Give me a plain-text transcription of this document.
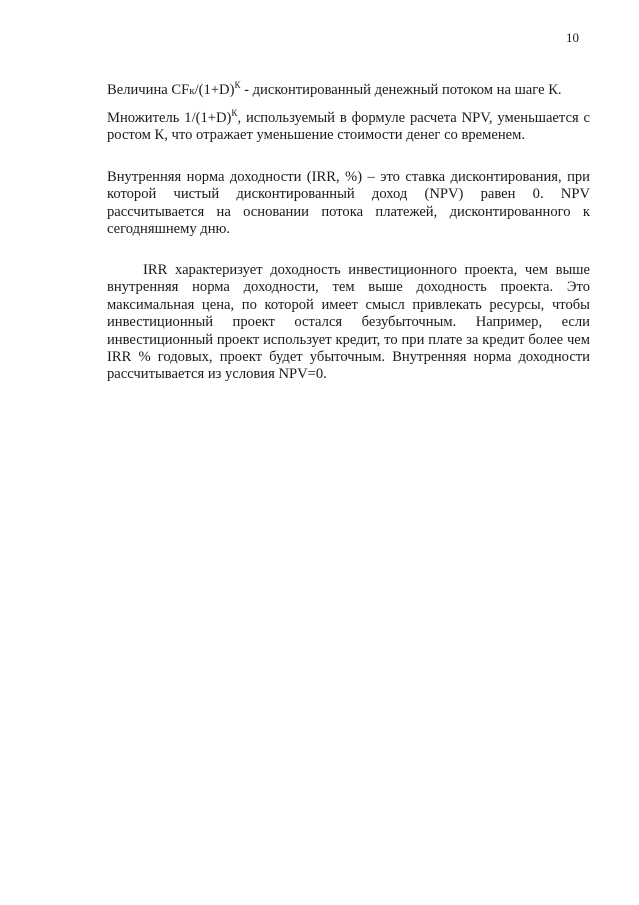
10

Величина CFк/$(1+D)^К$ - дисконтированный денежный потоком на шаге К.

Множитель $1/(1+D)^К$, используемый в формуле расчета NPV, уменьшается с ростом К, что отражает уменьшение стоимости денег со временем.

Внутренняя норма доходности (IRR, %) – это ставка дисконтирования, при которой чистый дисконтированный доход (NPV) равен 0. NPV рассчитывается на основании потока платежей, дисконтированного к сегодняшнему дню.

IRR характеризует доходность инвестиционного проекта, чем выше внутренняя норма доходности, тем выше доходность проекта. Это максимальная цена, по которой имеет смысл привлекать ресурсы, чтобы инвестиционный проект остался безубыточным. Например, если инвестиционный проект использует кредит, то при плате за кредит более чем IRR % годовых, проект будет убыточным. Внутренняя норма доходности рассчитывается из условия NPV=0.
